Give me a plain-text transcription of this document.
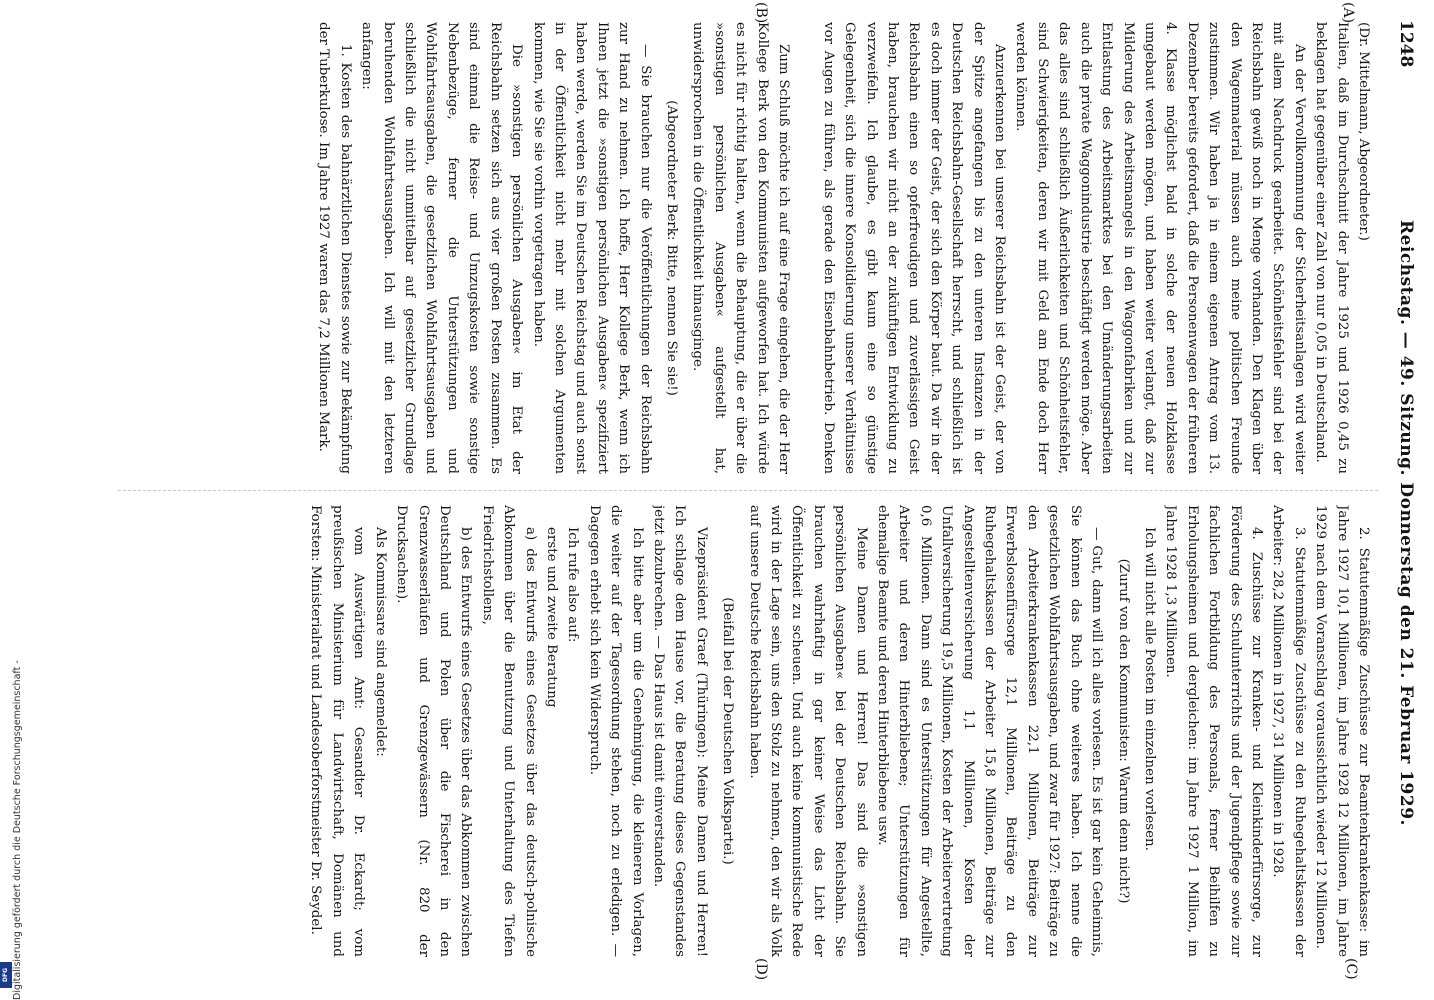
1248
Reichstag. — 49. Sitzung. Donnerstag den 21. Februar 1929.
(A)
(B)
(C)
(D)

(Dr. Mittelmann, Abgeordneter.)

Italien, daß im Durchschnitt der Jahre 1925 und 1926 0,45 zu beklagen hat gegenüber einer Zahl von nur 0,05 in Deutschland.

An der Vervollkommnung der Sicherheitsanlagen wird weiter mit allem Nachdruck gearbeitet. Schönheitsfehler sind bei der Reichsbahn gewiß noch in Menge vorhanden. Den Klagen über den Wagenmaterial müssen auch meine politischen Freunde zustimmen. Wir haben ja in einem eigenen Antrag vom 13. Dezember bereits gefordert, daß die Personenwagen der früheren 4. Klasse möglichst bald in solche der neuen Holzklasse umgebaut werden mögen, und haben weiter verlangt, daß zur Milderung des Arbeitsmangels in den Waggonfabriken und zur Entlastung des Arbeitsmarktes bei den Umänderungsarbeiten auch die private Waggonindustrie beschäftigt werden möge. Aber das alles sind schließlich Äußerlichkeiten und Schönheitsfehler, sind Schwierigkeiten, deren wir mit Geld am Ende doch Herr werden können.

Anzuerkennen bei unserer Reichsbahn ist der Geist, der von der Spitze angefangen bis zu den unteren Instanzen in der Deutschen Reichsbahn-Gesellschaft herrscht, und schließlich ist es doch immer der Geist, der sich den Körper baut. Da wir in der Reichsbahn einen so opferfreudigen und zuverlässigen Geist haben, brauchen wir nicht an der zukünftigen Entwicklung zu verzweifeln. Ich glaube, es gibt kaum eine so günstige Gelegenheit, sich die innere Konsolidierung unserer Verhältnisse vor Augen zu führen, als gerade den Eisenbahnbetrieb. Denken

Zum Schluß möchte ich auf eine Frage eingehen, die der Herr Kollege Berk von den Kommunisten aufgeworfen hat. Ich würde es nicht für richtig halten, wenn die Behauptung, die er über die »sonstigen persönlichen Ausgaben« aufgestellt hat, unwidersprochen in die Öffentlichkeit hinausginge.

(Abgeordneter Berk: Bitte, nennen Sie sie!)

— Sie brauchen nur die Veröffentlichungen der Reichsbahn zur Hand zu nehmen. Ich hoffe, Herr Kollege Berk, wenn ich Ihnen jetzt die »sonstigen persönlichen Ausgaben« spezifiziert haben werde, werden Sie im Deutschen Reichstag und auch sonst in der Öffentlichkeit nicht mehr mit solchen Argumenten kommen, wie Sie sie vorhin vorgetragen haben.

Die »sonstigen persönlichen Ausgaben« im Etat der Reichsbahn setzen sich aus vier großen Posten zusammen. Es sind einmal die Reise- und Umzugskosten sowie sonstige Nebenbezüge, ferner die Unterstützungen und Wohlfahrtsausgaben, die gesetzlichen Wohlfahrtsausgaben und schließlich die nicht unmittelbar auf gesetzlicher Grundlage beruhenden Wohlfahrtsausgaben. Ich will mit den letzteren anfangen:

1. Kosten des bahnärztlichen Dienstes sowie zur Bekämpfung der Tuberkulose. Im Jahre 1927 waren das 7,2 Millionen Mark.

2. Statutenmäßige Zuschüsse zur Beamtenkrankenkasse: im Jahre 1927 10,1 Millionen, im Jahre 1928 12 Millionen, im Jahre 1929 nach dem Voranschlag voraussichtlich wieder 12 Millionen.

3. Statutenmäßige Zuschüsse zu den Ruhegehaltskassen der Arbeiter: 28,2 Millionen in 1927, 31 Millionen in 1928.

4. Zuschüsse zur Kranken- und Kleinkinderfürsorge, zur Förderung des Schulunterrichts und der Jugendpflege sowie zur fachlichen Fortbildung des Personals, ferner Beihilfen zu Erholungsheimen und dergleichen: im Jahre 1927 1 Million, im Jahre 1928 1,3 Millionen.

Ich will nicht alle Posten im einzelnen vorlesen.

(Zuruf von den Kommunisten: Warum denn nicht?)

— Gut, dann will ich alles vorlesen. Es ist gar kein Geheimnis, Sie können das Buch ohne weiteres haben. Ich nenne die gesetzlichen Wohlfahrtsausgaben, und zwar für 1927: Beiträge zu den Arbeiterkrankenkassen 22,1 Millionen, Beiträge zur Erwerbslosenfürsorge 12,1 Millionen, Beiträge zu den Ruhegehaltskassen der Arbeiter 15,8 Millionen, Beiträge zur Angestelltenversicherung 1,1 Millionen, Kosten der Unfallversicherung 19,5 Millionen, Kosten der Arbeitervertretung 0,6 Millionen. Dann sind es Unterstützungen für Angestellte, Arbeiter und deren Hinterbliebene; Unterstützungen für ehemalige Beamte und deren Hinterbliebene usw.

Meine Damen und Herren! Das sind die »sonstigen persönlichen Ausgaben« bei der Deutschen Reichsbahn. Sie brauchen wahrhaftig in gar keiner Weise das Licht der Öffentlichkeit zu scheuen. Und auch keine kommunistische Rede wird in der Lage sein, uns den Stolz zu nehmen, den wir als Volk auf unsere Deutsche Reichsbahn haben.

(Beifall bei der Deutschen Volkspartei.)

Vizepräsident Graef (Thüringen): Meine Damen und Herren! Ich schlage dem Hause vor, die Beratung dieses Gegenstandes jetzt abzubrechen. — Das Haus ist damit einverstanden.

Ich bitte aber um die Genehmigung, die kleineren Vorlagen, die weiter auf der Tagesordnung stehen, noch zu erledigen. — Dagegen erhebt sich kein Widerspruch.

Ich rufe also auf:

erste und zweite Beratung

a) des Entwurfs eines Gesetzes über das deutsch-polnische Abkommen über die Benutzung und Unterhaltung des Tiefen Friedrichstollens,

b) des Entwurfs eines Gesetzes über das Abkommen zwischen Deutschland und Polen über die Fischerei in den Grenzwasserläufen und Grenzgewässern (Nr. 820 der Drucksachen).

Als Kommissare sind angemeldet:

vom Auswärtigen Amt: Gesandter Dr. Eckardt; vom preußischen Ministerium für Landwirtschaft, Domänen und Forsten: Ministerialrat und Landesoberforstmeister Dr. Seydel.

Digitalisierung gefördert durch die Deutsche Forschungsgemeinschaft -
DFG
